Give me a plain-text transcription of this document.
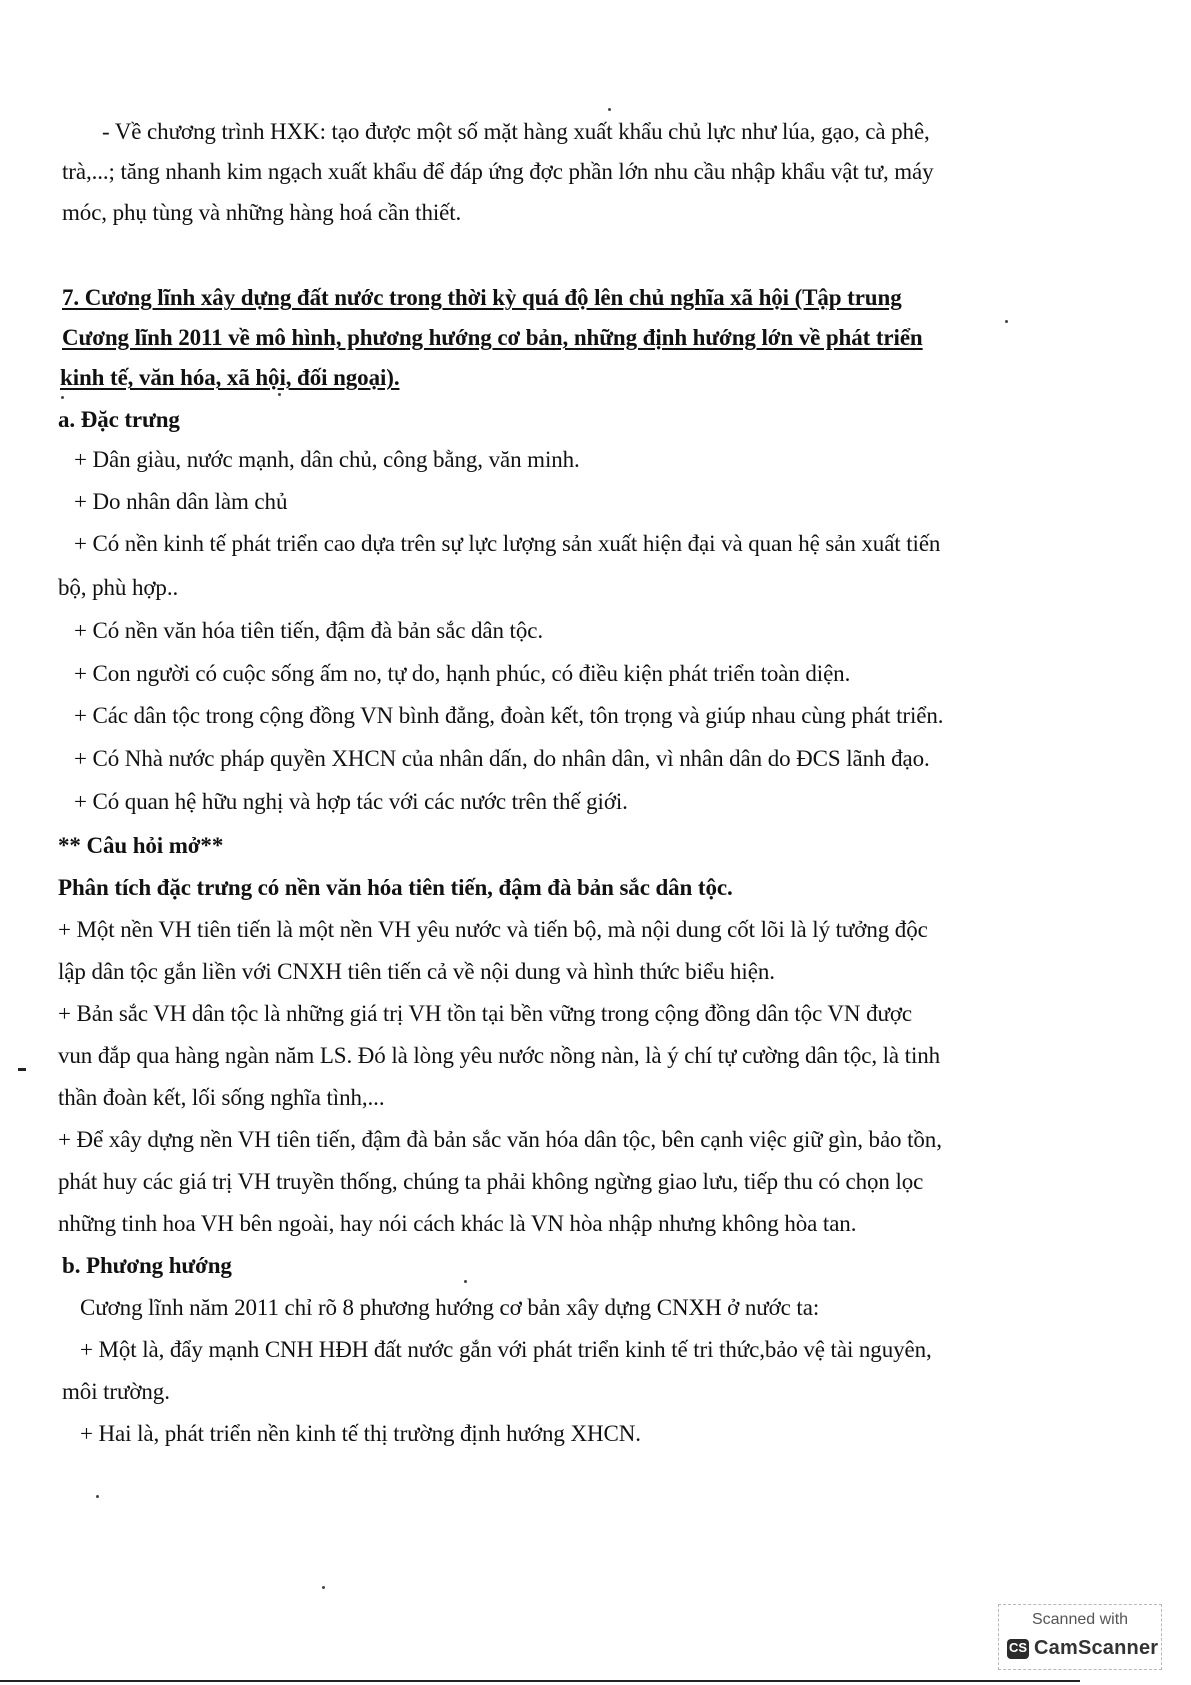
- Về chương trình HXK: tạo được một số mặt hàng xuất khẩu chủ lực như lúa, gạo, cà phê,
trà,...; tăng nhanh kim ngạch xuất khẩu để đáp ứng đợc phần lớn nhu cầu nhập khẩu vật tư, máy
móc, phụ tùng và những hàng hoá cần thiết.
7. Cương lĩnh xây dựng đất nước trong thời kỳ quá độ lên chủ nghĩa xã hội (Tập trung
Cương lĩnh 2011 về mô hình, phương hướng cơ bản, những định hướng lớn về phát triển
kinh tế, văn hóa, xã hội, đối ngoại).
a. Đặc trưng
+ Dân giàu, nước mạnh, dân chủ, công bằng, văn minh.
+ Do nhân dân làm chủ
+ Có nền kinh tế phát triển cao dựa trên sự lực lượng sản xuất hiện đại và quan hệ sản xuất tiến
bộ, phù hợp..
+ Có nền văn hóa tiên tiến, đậm đà bản sắc dân tộc.
+ Con người có cuộc sống ấm no, tự do, hạnh phúc, có điều kiện phát triển toàn diện.
+ Các dân tộc trong cộng đồng VN bình đẳng, đoàn kết, tôn trọng và giúp nhau cùng phát triển.
+ Có Nhà nước pháp quyền XHCN của nhân dấn, do nhân dân, vì nhân dân do ĐCS lãnh đạo.
+ Có quan hệ hữu nghị và hợp tác với các nước trên thế giới.
** Câu hỏi mở**
Phân tích đặc trưng có nền văn hóa tiên tiến, đậm đà bản sắc dân tộc.
+ Một nền VH tiên tiến là một nền VH yêu nước và tiến bộ, mà nội dung cốt lõi là lý tưởng độc
lập dân tộc gắn liền với CNXH tiên tiến cả về nội dung và hình thức biểu hiện.
+ Bản sắc VH dân tộc là những giá trị VH tồn tại bền vững trong cộng đồng dân tộc VN được
vun đắp qua hàng ngàn năm LS. Đó là lòng yêu nước nồng nàn, là ý chí tự cường dân tộc, là tinh
thần đoàn kết, lối sống nghĩa tình,...
+ Để xây dựng nền VH tiên tiến, đậm đà bản sắc văn hóa dân tộc, bên cạnh việc giữ gìn, bảo tồn,
phát huy các giá trị VH truyền thống, chúng ta phải không ngừng giao lưu, tiếp thu có chọn lọc
những tinh hoa VH bên ngoài, hay nói cách khác là VN hòa nhập nhưng không hòa tan.
b. Phương hướng
Cương lĩnh năm 2011 chỉ rõ 8 phương hướng cơ bản xây dựng CNXH ở nước ta:
+ Một là, đẩy mạnh CNH HĐH đất nước gắn với phát triển kinh tế tri thức,bảo vệ tài nguyên,
môi trường.
+ Hai là, phát triển nền kinh tế thị trường định hướng XHCN.
Scanned with
CS CamScanner
